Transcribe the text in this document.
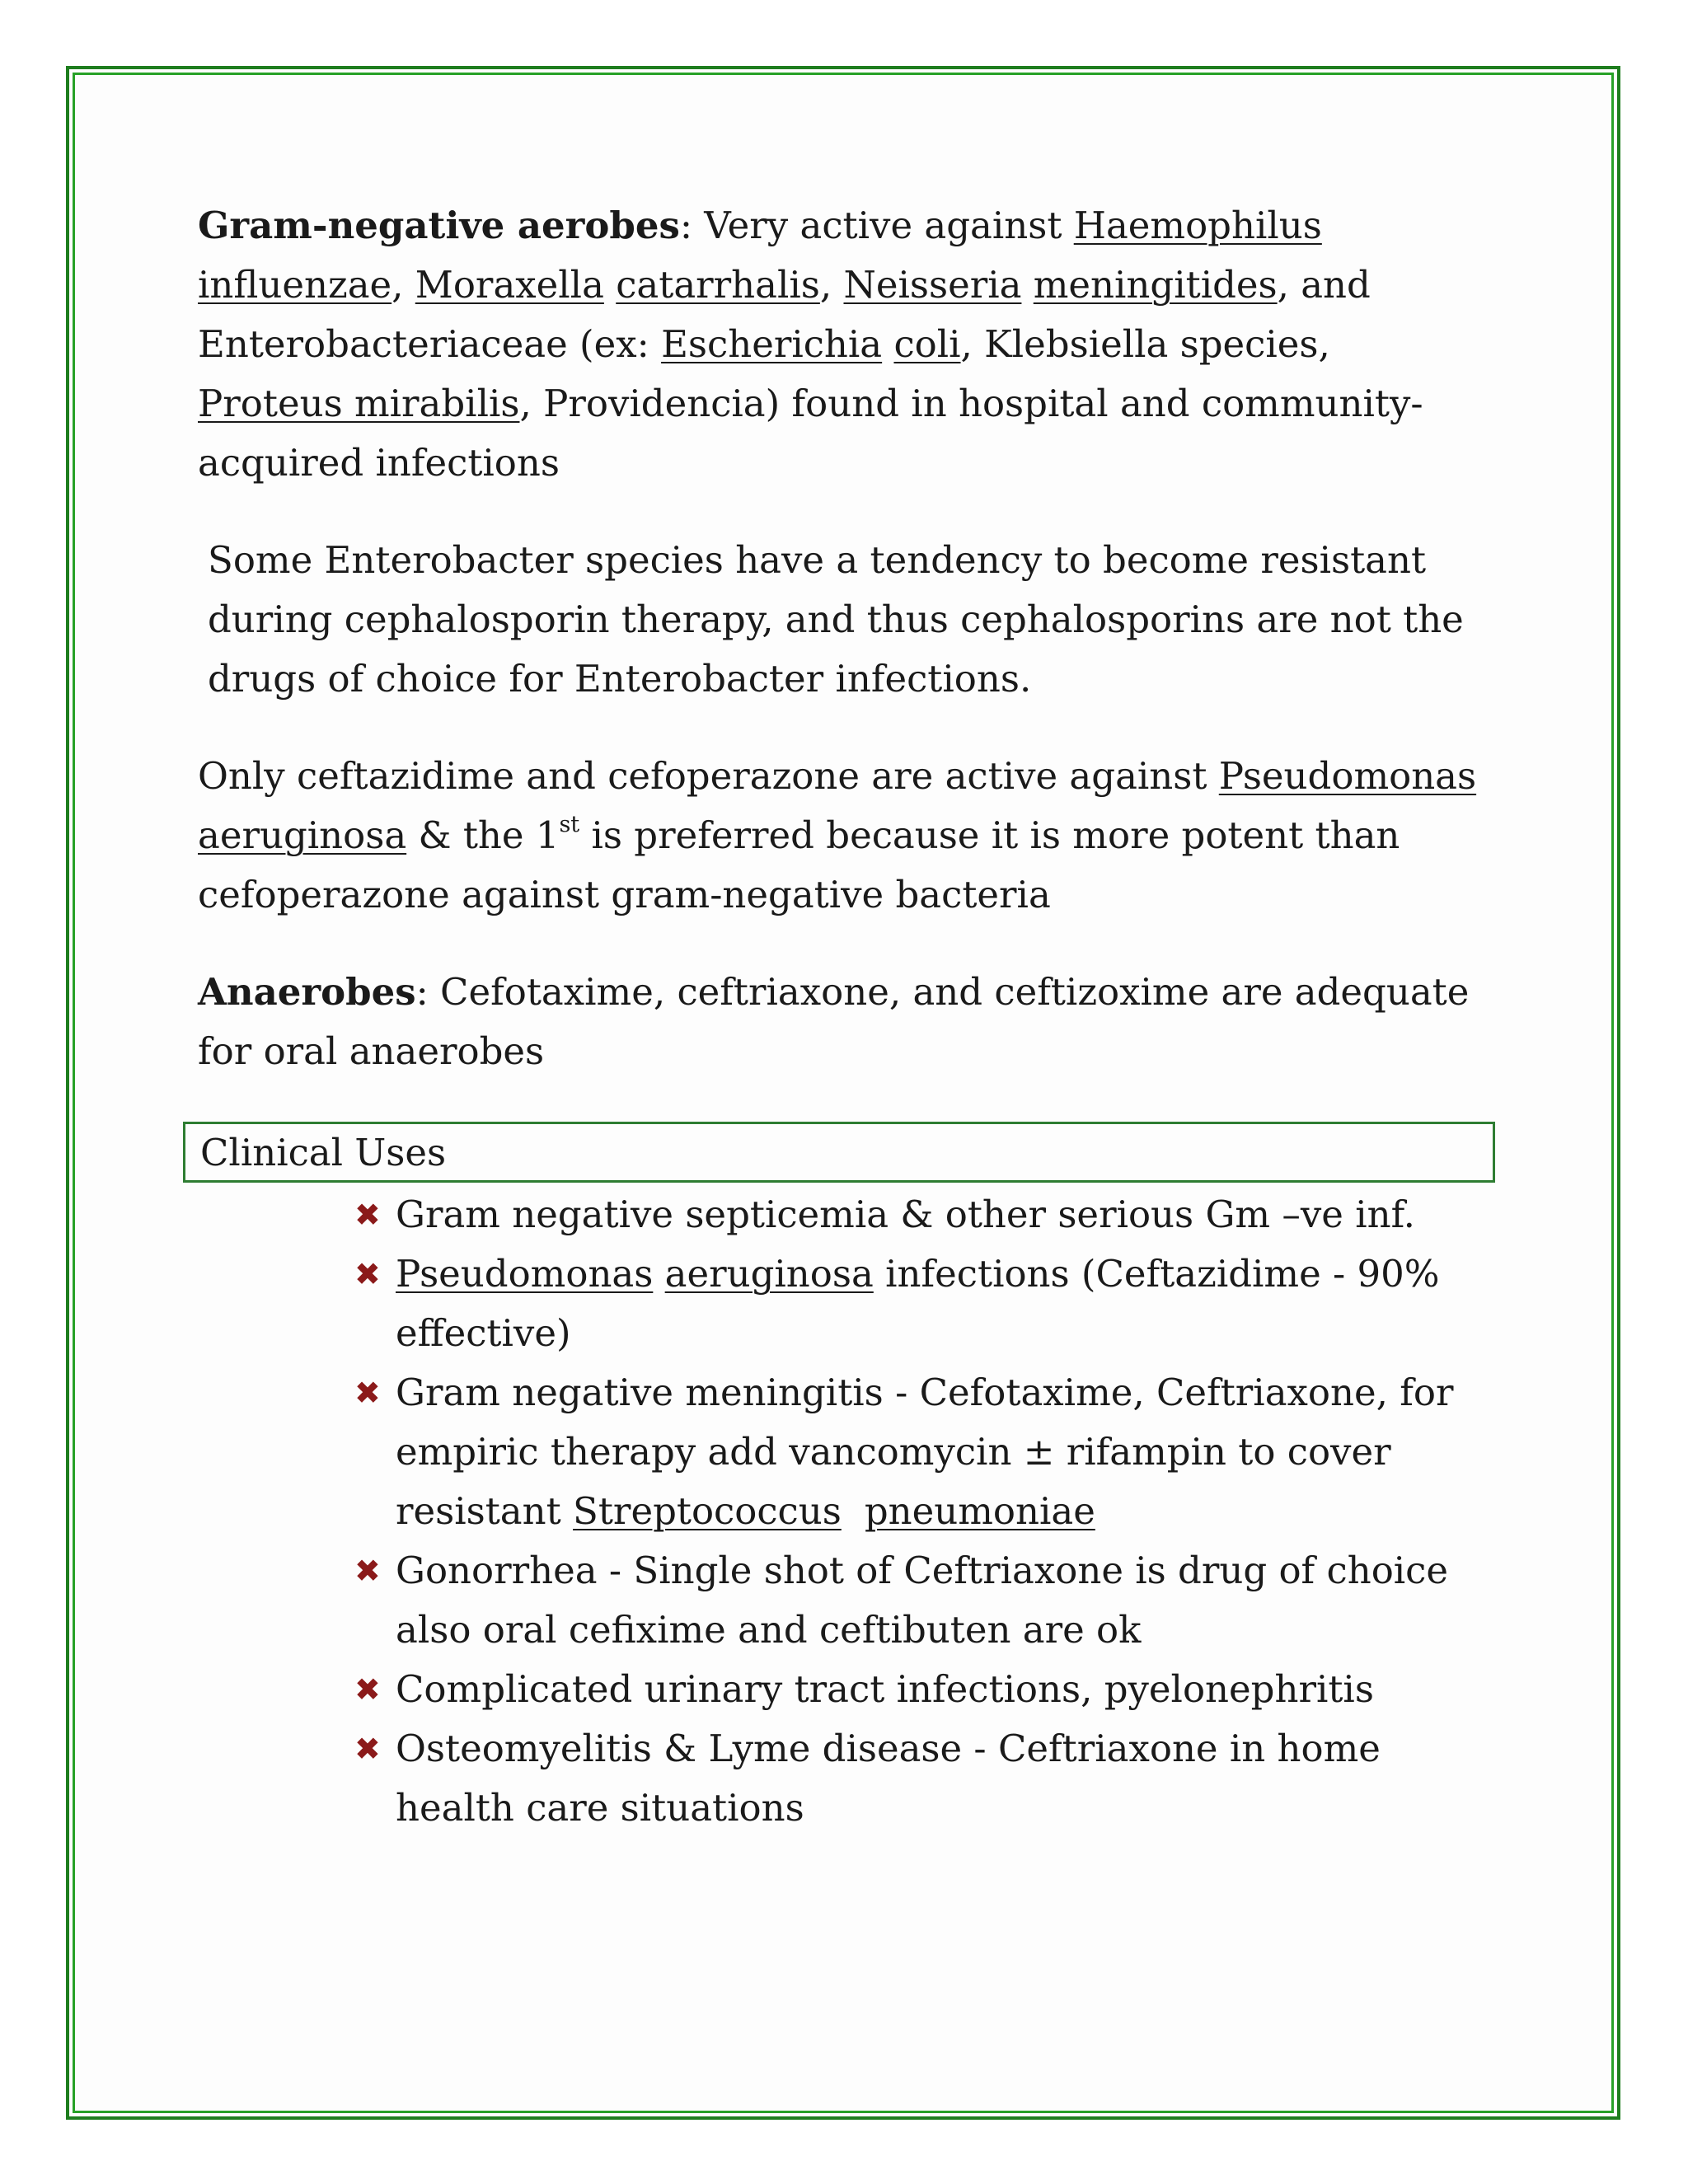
Gram-negative aerobes: Very active against Haemophilus influenzae, Moraxella catarrhalis, Neisseria meningitides, and Enterobacteriaceae (ex: Escherichia coli, Klebsiella species, Proteus mirabilis, Providencia) found in hospital and community-acquired infections

Some Enterobacter species have a tendency to become resistant during cephalosporin therapy, and thus cephalosporins are not the drugs of choice for Enterobacter infections.

Only ceftazidime and cefoperazone are active against Pseudomonas aeruginosa & the 1st is preferred because it is more potent than cefoperazone against gram-negative bacteria

Anaerobes: Cefotaxime, ceftriaxone, and ceftizoxime are adequate for oral anaerobes

Clinical Uses
✖ Gram negative septicemia & other serious Gm –ve inf.
✖ Pseudomonas aeruginosa infections (Ceftazidime - 90% effective)
✖ Gram negative meningitis - Cefotaxime, Ceftriaxone, for empiric therapy add vancomycin ± rifampin to cover resistant Streptococcus pneumoniae
✖ Gonorrhea - Single shot of Ceftriaxone is drug of choice also oral cefixime and ceftibuten are ok
✖ Complicated urinary tract infections, pyelonephritis
✖ Osteomyelitis & Lyme disease - Ceftriaxone in home health care situations
